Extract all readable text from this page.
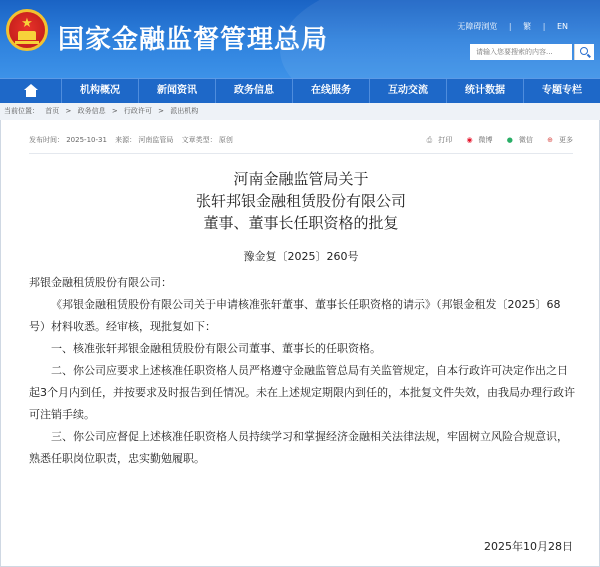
★
国家金融监督管理总局	无障碍浏览 | 繁 | EN
请输入您要搜索的内容...
机构概况	新闻资讯	政务信息	在线服务	互动交流	统计数据	专题专栏
当前位置： 首页 > 政务信息 > 行政许可 > 派出机构
发布时间： 2025-10-31 来源： 河南监管局 文章类型： 原创	⎙ 打印 ◉ 微博 ● 微信 ⊕ 更多
河南金融监管局关于
张轩邦银金融租赁股份有限公司
董事、董事长任职资格的批复
豫金复〔2025〕260号

邦银金融租赁股份有限公司：

《邦银金融租赁股份有限公司关于申请核准张轩董事、董事长任职资格的请示》（邦银金租发〔2025〕68号）材料收悉。经审核，现批复如下：

一、核准张轩邦银金融租赁股份有限公司董事、董事长的任职资格。

二、你公司应要求上述核准任职资格人员严格遵守金融监管总局有关监管规定，自本行政许可决定作出之日起3个月内到任，并按要求及时报告到任情况。未在上述规定期限内到任的，本批复文件失效，由我局办理行政许可注销手续。

三、你公司应督促上述核准任职资格人员持续学习和掌握经济金融相关法律法规，牢固树立风险合规意识，熟悉任职岗位职责，忠实勤勉履职。

2025年10月28日
